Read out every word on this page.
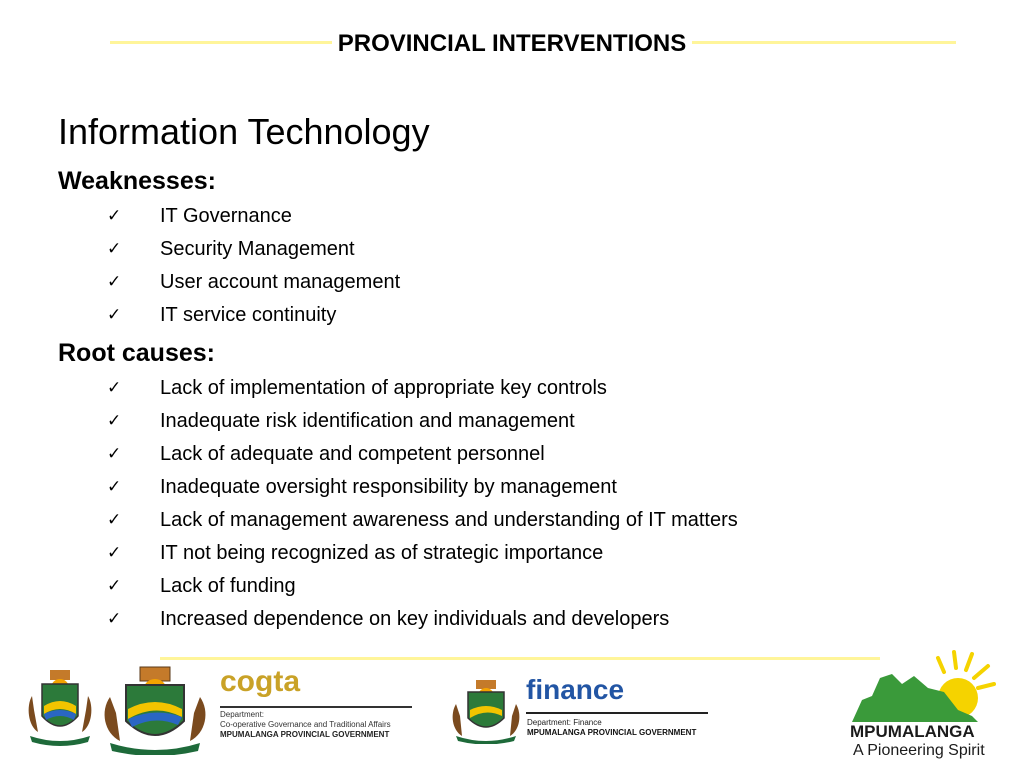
PROVINCIAL INTERVENTIONS
Information Technology
Weaknesses:
✓ IT Governance
✓ Security Management
✓ User account management
✓ IT service continuity
Root causes:
✓ Lack of implementation of appropriate key controls
✓ Inadequate risk identification and management
✓ Lack of adequate and competent personnel
✓ Inadequate oversight responsibility by management
✓ Lack of management awareness and understanding of IT matters
✓ IT not being recognized as of strategic importance
✓ Lack of funding
✓ Increased dependence on key individuals and developers
cogta
Department:
Co-operative Governance and Traditional Affairs
MPUMALANGA PROVINCIAL GOVERNMENT
finance
Department: Finance
MPUMALANGA PROVINCIAL GOVERNMENT	MPUMALANGA
A Pioneering Spirit
